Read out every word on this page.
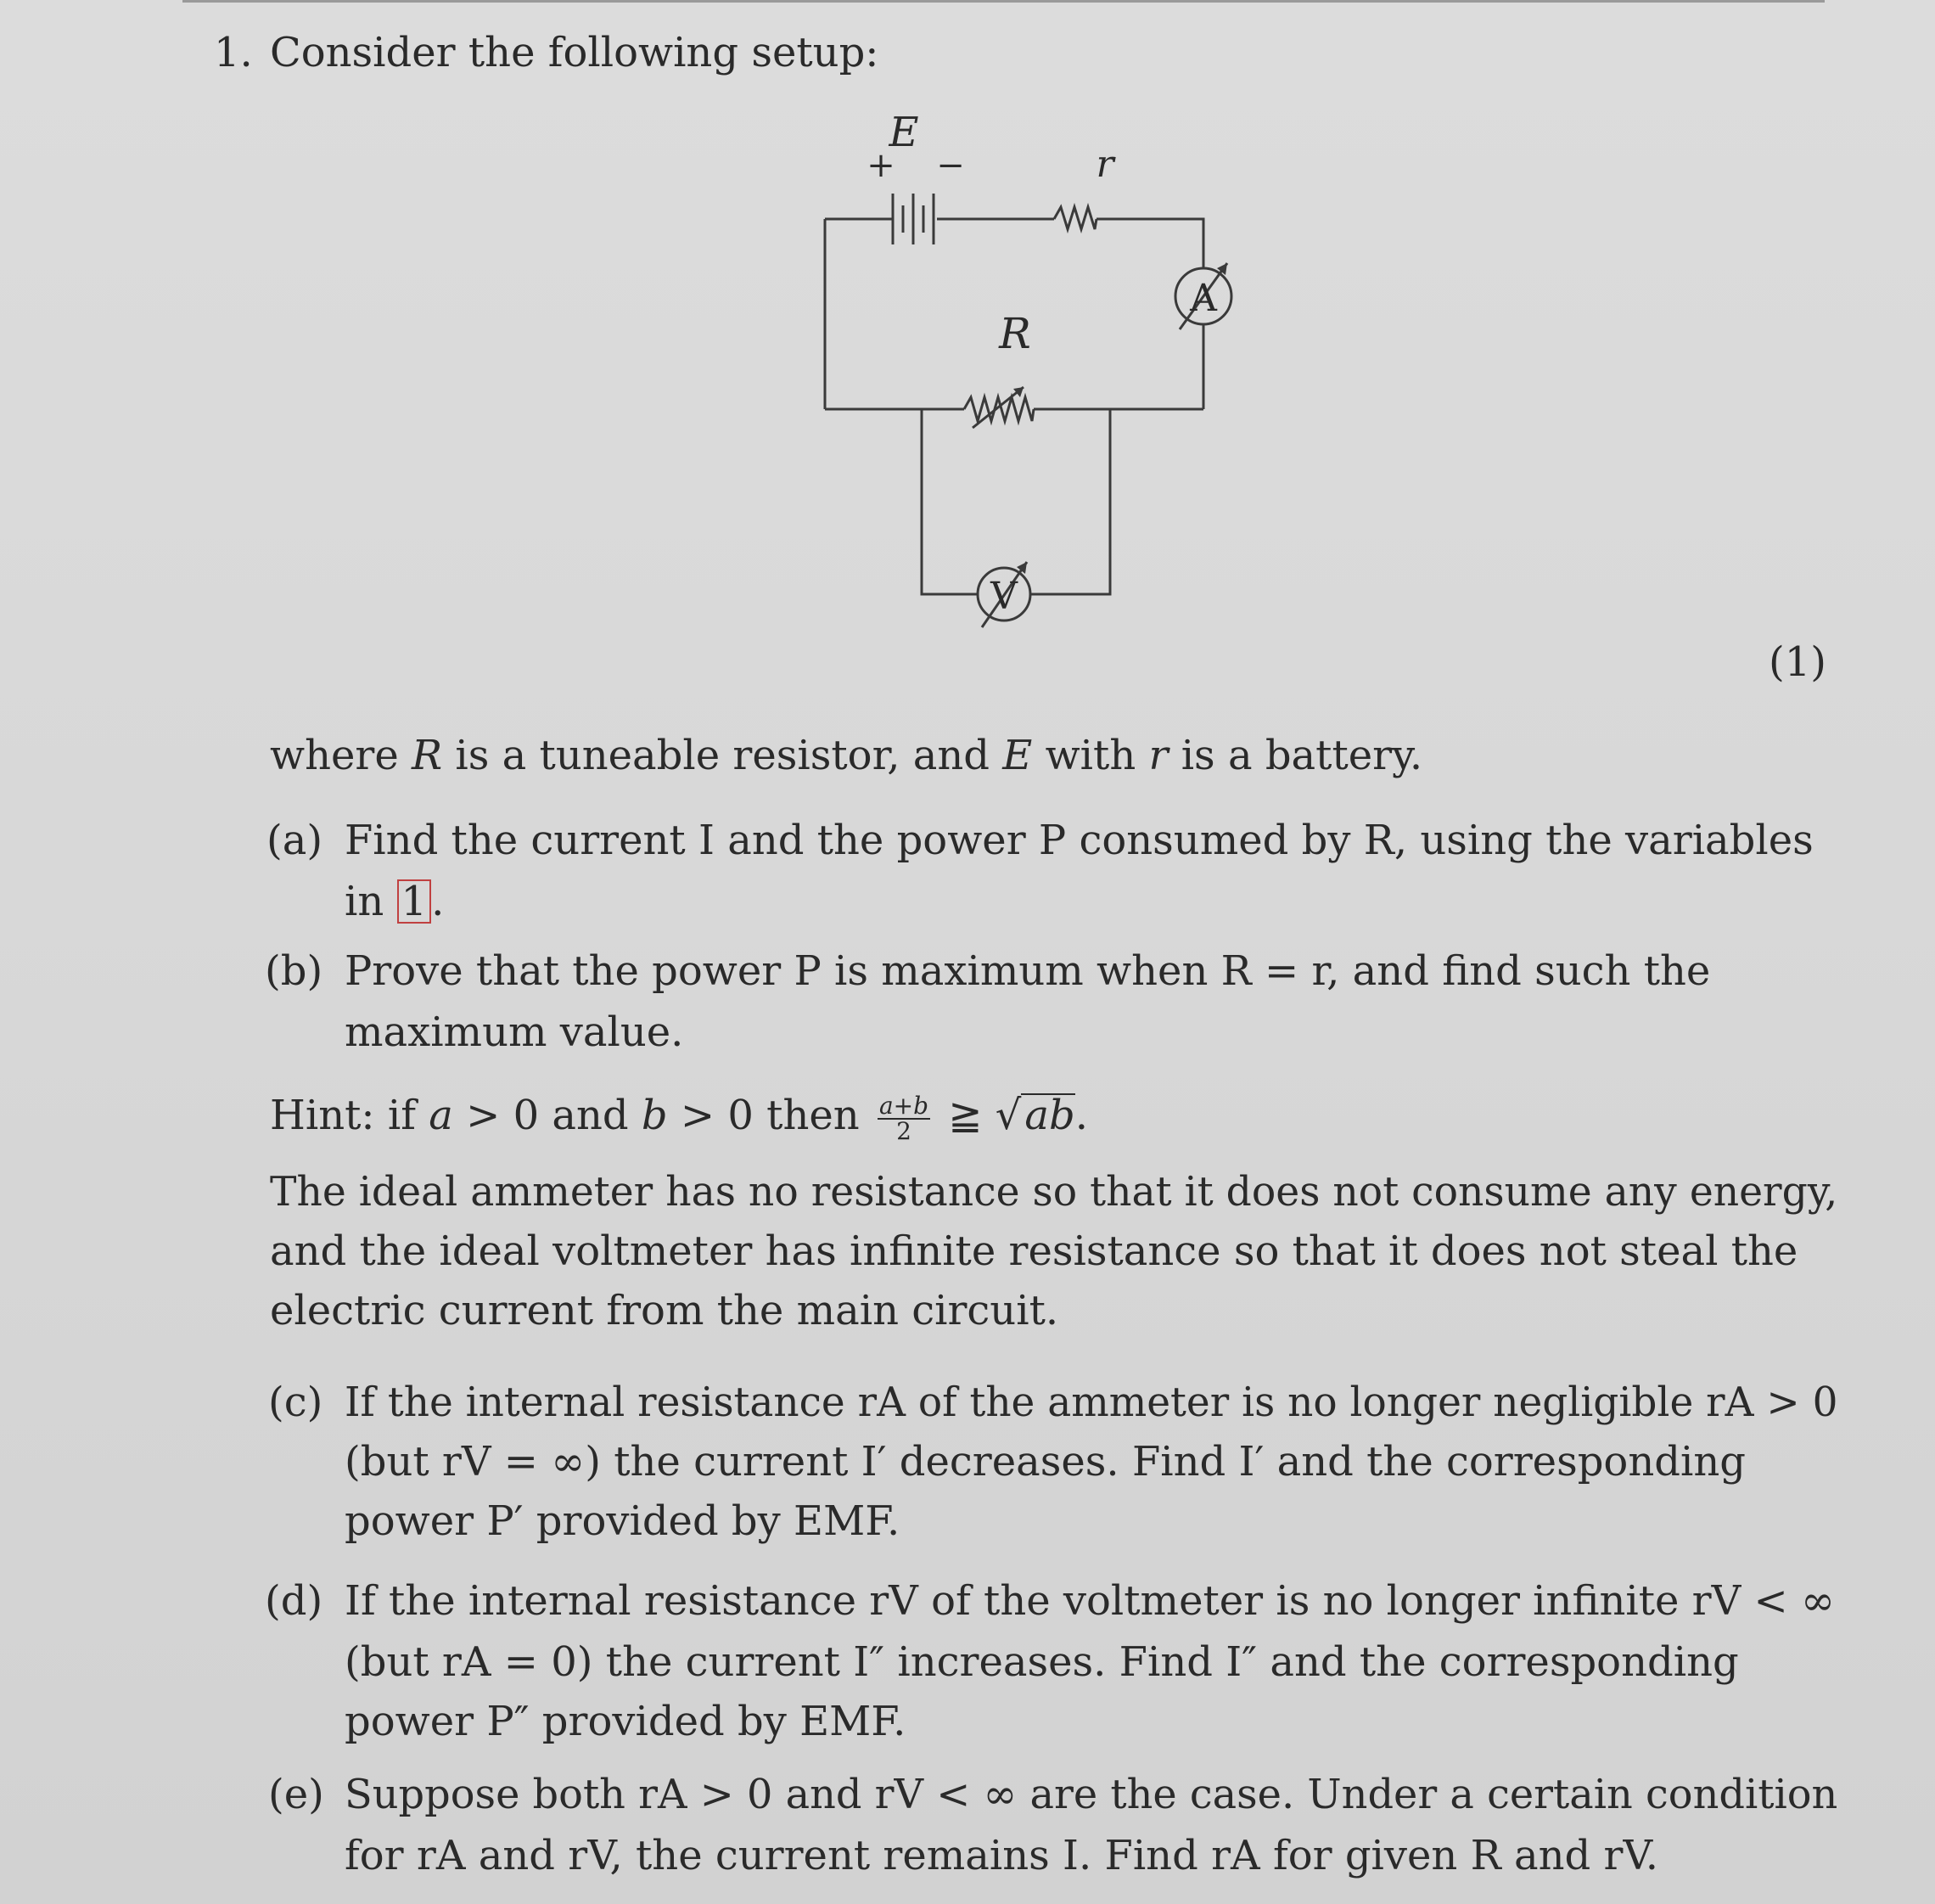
1. Consider the following setup:
E
+ −	r
R
A
V
(1)
where R is a tuneable resistor, and E with r is a battery.
(a) Find the current I and the power P consumed by R, using the variables
in 1 .
(b) Prove that the power P is maximum when R = r, and find such the
maximum value.
Hint: if a > 0 and b > 0 then $\frac{a+b}{2}$ ≧ √ab.
The ideal ammeter has no resistance so that it does not consume any energy,
and the ideal voltmeter has infinite resistance so that it does not steal the
electric current from the main circuit.
(c) If the internal resistance rA of the ammeter is no longer negligible rA > 0
(but rV = ∞) the current I′ decreases. Find I′ and the corresponding
power P′ provided by EMF.
(d) If the internal resistance rV of the voltmeter is no longer infinite rV < ∞
(but rA = 0) the current I″ increases. Find I″ and the corresponding
power P″ provided by EMF.
(e) Suppose both rA > 0 and rV < ∞ are the case. Under a certain condition
for rA and rV, the current remains I. Find rA for given R and rV.
